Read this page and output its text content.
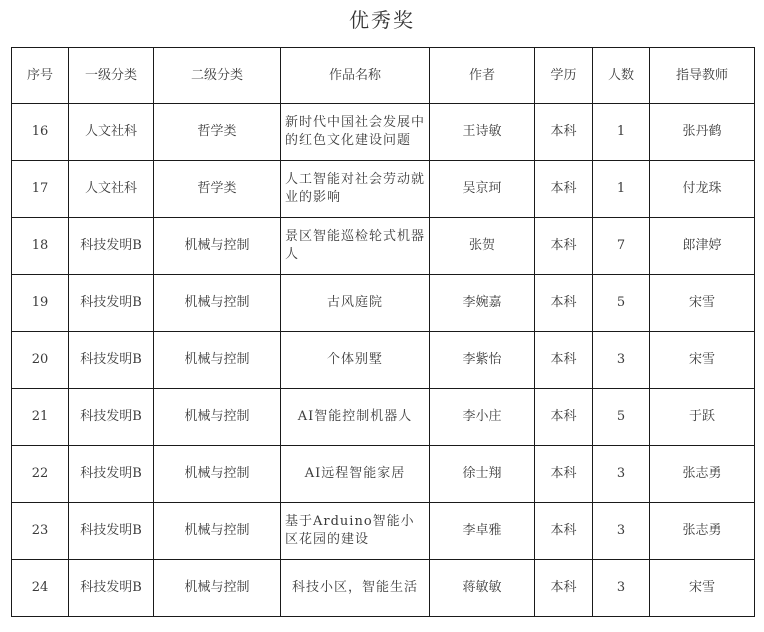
优秀奖
序号	一级分类	二级分类	作品名称	作者	学历	人数	指导教师
16	人文社科	哲学类	新时代中国社会发展中的红色文化建设问题	王诗敏	本科	1	张丹鹤
17	人文社科	哲学类	人工智能对社会劳动就业的影响	吴京珂	本科	1	付龙珠
18	科技发明B	机械与控制	景区智能巡检轮式机器人	张贺	本科	7	郎津婷
19	科技发明B	机械与控制	古风庭院	李婉嘉	本科	5	宋雪
20	科技发明B	机械与控制	个体别墅	李紫怡	本科	3	宋雪
21	科技发明B	机械与控制	AI智能控制机器人	李小庄	本科	5	于跃
22	科技发明B	机械与控制	AI远程智能家居	徐士翔	本科	3	张志勇
23	科技发明B	机械与控制	基于Arduino智能小区花园的建设	李卓雅	本科	3	张志勇
24	科技发明B	机械与控制	科技小区，智能生活	蒋敏敏	本科	3	宋雪
